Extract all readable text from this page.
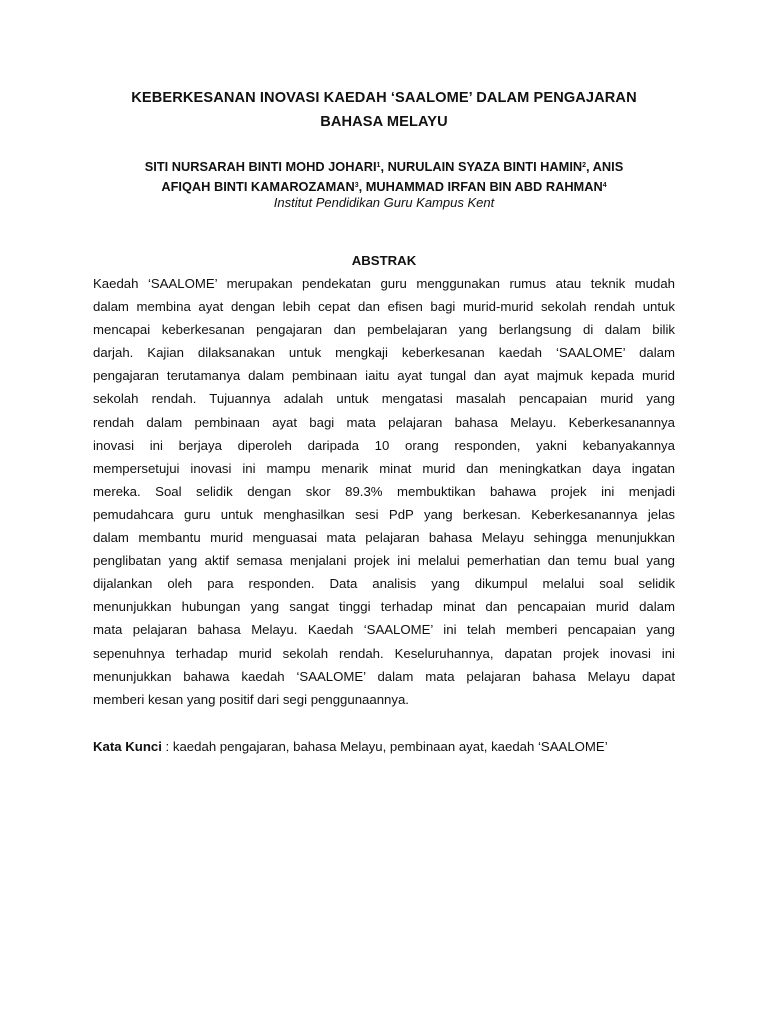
KEBERKESANAN INOVASI KAEDAH ‘SAALOME’ DALAM PENGAJARAN
BAHASA MELAYU
SITI NURSARAH BINTI MOHD JOHARI$^1$, NURULAIN SYAZA BINTI HAMIN$^2$, ANIS
AFIQAH BINTI KAMAROZAMAN$^3$, MUHAMMAD IRFAN BIN ABD RAHMAN$^4$
Institut Pendidikan Guru Kampus Kent
ABSTRAK
Kaedah ‘SAALOME’ merupakan pendekatan guru menggunakan rumus atau teknik mudah
dalam membina ayat dengan lebih cepat dan efisen bagi murid-murid sekolah rendah untuk
mencapai keberkesanan pengajaran dan pembelajaran yang berlangsung di dalam bilik
darjah. Kajian dilaksanakan untuk mengkaji keberkesanan kaedah ‘SAALOME’ dalam
pengajaran terutamanya dalam pembinaan iaitu ayat tungal dan ayat majmuk kepada murid
sekolah rendah. Tujuannya adalah untuk mengatasi masalah pencapaian murid yang
rendah dalam pembinaan ayat bagi mata pelajaran bahasa Melayu. Keberkesanannya
inovasi ini berjaya diperoleh daripada 10 orang responden, yakni kebanyakannya
mempersetujui inovasi ini mampu menarik minat murid dan meningkatkan daya ingatan
mereka. Soal selidik dengan skor 89.3% membuktikan bahawa projek ini menjadi
pemudahcara guru untuk menghasilkan sesi PdP yang berkesan. Keberkesanannya jelas
dalam membantu murid menguasai mata pelajaran bahasa Melayu sehingga menunjukkan
penglibatan yang aktif semasa menjalani projek ini melalui pemerhatian dan temu bual yang
dijalankan oleh para responden. Data analisis yang dikumpul melalui soal selidik
menunjukkan hubungan yang sangat tinggi terhadap minat dan pencapaian murid dalam
mata pelajaran bahasa Melayu. Kaedah ‘SAALOME’ ini telah memberi pencapaian yang
sepenuhnya terhadap murid sekolah rendah. Keseluruhannya, dapatan projek inovasi ini
menunjukkan bahawa kaedah ‘SAALOME’ dalam mata pelajaran bahasa Melayu dapat
memberi kesan yang positif dari segi penggunaannya.
Kata Kunci : kaedah pengajaran, bahasa Melayu, pembinaan ayat, kaedah ‘SAALOME’
